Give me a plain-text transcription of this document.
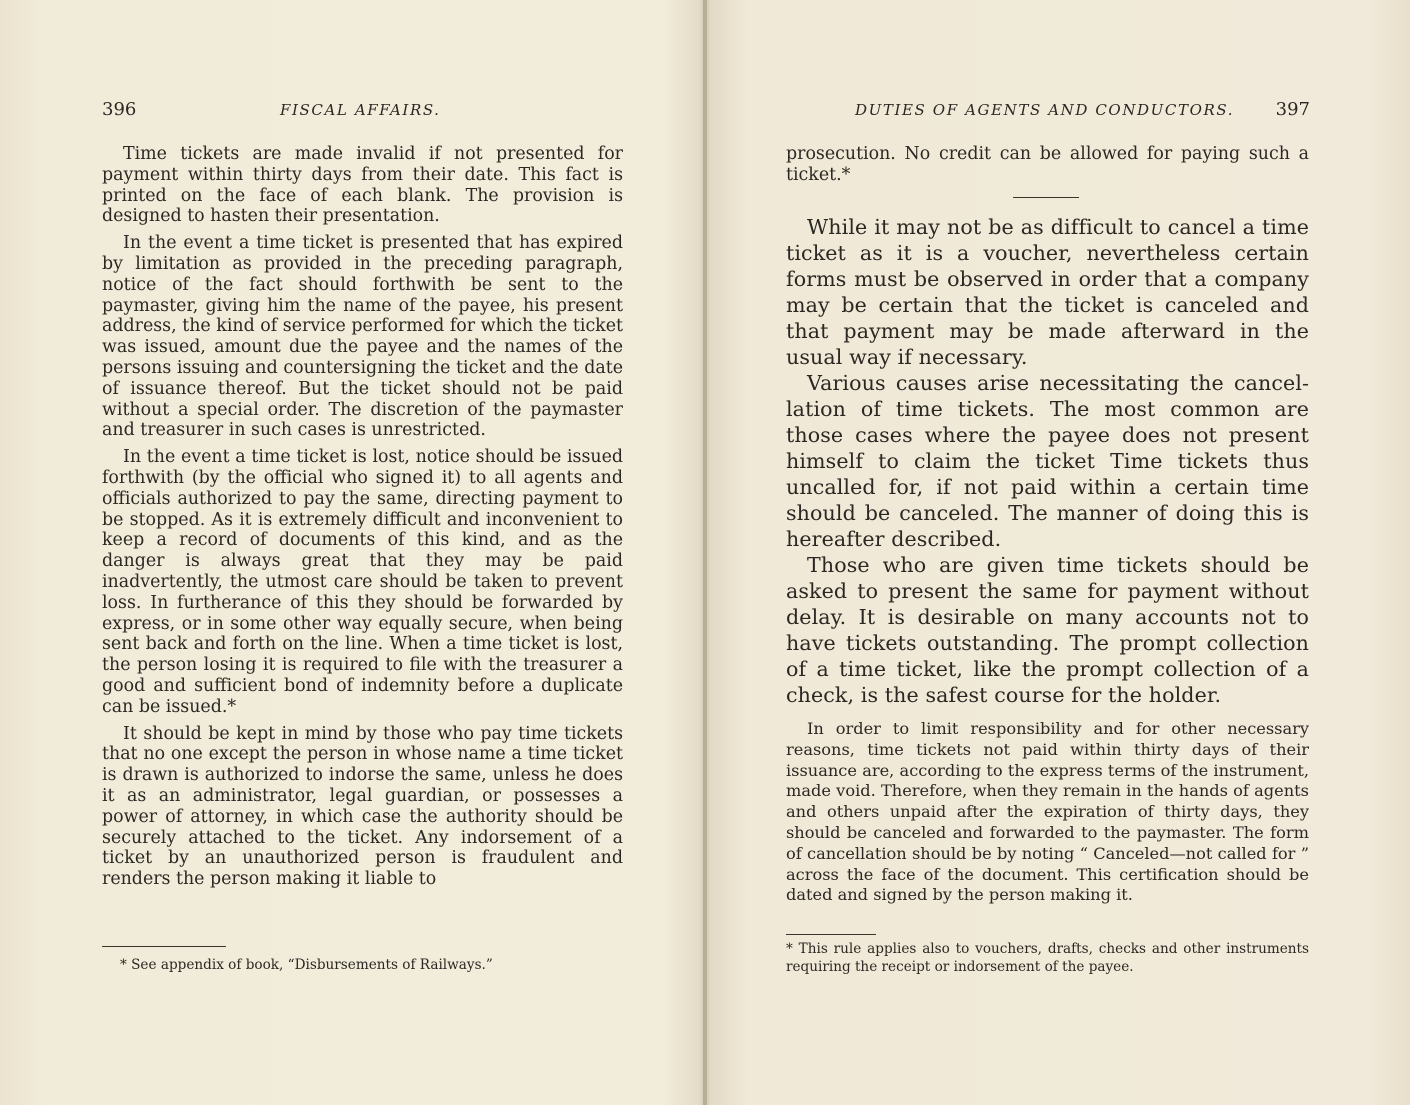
396	FISCAL AFFAIRS.

Time tickets are made invalid if not presented for payment within thirty days from their date. This fact is printed on the face of each blank. The provision is designed to hasten their presentation.

In the event a time ticket is presented that has expired by limitation as provided in the preceding paragraph, notice of the fact should forthwith be sent to the paymaster, giving him the name of the payee, his present address, the kind of service performed for which the ticket was issued, amount due the payee and the names of the persons issuing and countersigning the ticket and the date of issuance thereof. But the ticket should not be paid without a special order. The discretion of the paymaster and treasurer in such cases is unrestricted.

In the event a time ticket is lost, notice should be issued forthwith (by the official who signed it) to all agents and officials authorized to pay the same, directing payment to be stopped. As it is extremely difficult and inconvenient to keep a record of documents of this kind, and as the danger is always great that they may be paid inadvertently, the utmost care should be taken to prevent loss. In furtherance of this they should be forwarded by express, or in some other way equally secure, when being sent back and forth on the line. When a time ticket is lost, the person losing it is required to file with the treasurer a good and sufficient bond of indemnity before a duplicate can be issued.*

It should be kept in mind by those who pay time tickets that no one except the person in whose name a time ticket is drawn is authorized to indorse the same, unless he does it as an administrator, legal guardian, or possesses a power of attorney, in which case the authority should be securely attached to the ticket. Any indorsement of a ticket by an unauthorized person is fraudulent and renders the person making it liable to

* See appendix of book, “Disbursements of Railways.”
DUTIES OF AGENTS AND CONDUCTORS. 397

prosecution. No credit can be allowed for paying such a ticket.*

While it may not be as difficult to cancel a time ticket as it is a voucher, nevertheless certain forms must be observed in order that a company may be certain that the ticket is canceled and that payment may be made afterward in the usual way if necessary.

Various causes arise necessitating the cancellation of time tickets. The most common are those cases where the payee does not present himself to claim the ticket Time tickets thus uncalled for, if not paid within a certain time should be canceled. The manner of doing this is hereafter described.

Those who are given time tickets should be asked to present the same for payment without delay. It is desirable on many accounts not to have tickets outstanding. The prompt collection of a time ticket, like the prompt collection of a check, is the safest course for the holder.

In order to limit responsibility and for other necessary reasons, time tickets not paid within thirty days of their issuance are, according to the express terms of the instrument, made void. Therefore, when they remain in the hands of agents and others unpaid after the expiration of thirty days, they should be canceled and forwarded to the paymaster. The form of cancellation should be by noting “ Canceled—not called for ” across the face of the document. This certification should be dated and signed by the person making it.

* This rule applies also to vouchers, drafts, checks and other instruments requiring the receipt or indorsement of the payee.
